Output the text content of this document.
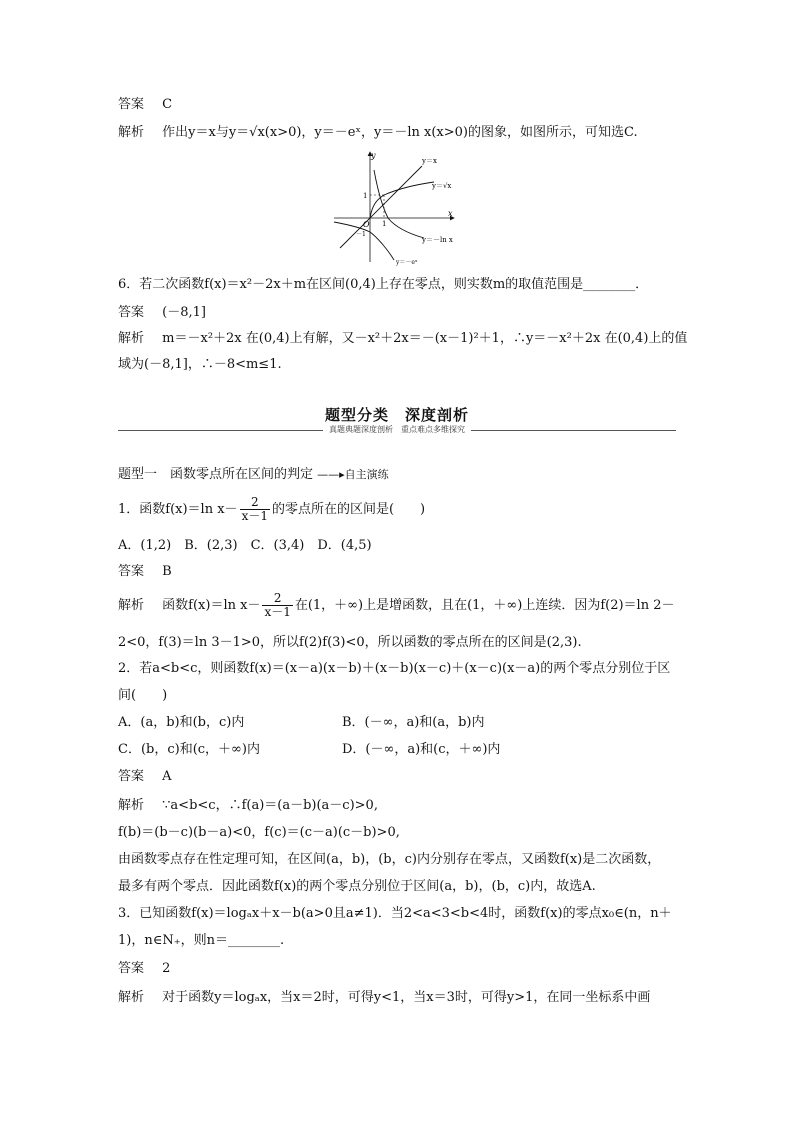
答案 C
解析 作出y＝x与y＝√x(x>0)，y＝－eˣ，y＝－ln x(x>0)的图象，如图所示，可知选C.
y
x
O
1
1
－1
y＝x
y＝√x
y＝－ln x
y＝－eˣ
6．若二次函数f(x)＝x²－2x＋m在区间(0,4)上存在零点，则实数m的取值范围是________．
答案 (－8,1]
解析 m＝－x²＋2x 在(0,4)上有解，又－x²＋2x＝－(x－1)²＋1，∴y＝－x²＋2x 在(0,4)上的值
域为(－8,1]，∴－8<m≤1.
题型分类　深度剖析
真题典题深度剖析　重点难点多维探究
题型一　函数零点所在区间的判定 ——▸自主演练
1．函数f(x)＝ln $x- \frac{2}{x-1}$ 的零点所在的区间是(　　)
A．(1,2)　B．(2,3)　C．(3,4)　D．(4,5)
答案 B
解析 函数f(x)＝ln $x- \frac{2}{x-1}$ 在(1，＋∞)上是增函数，且在(1，＋∞)上连续．因为f(2)＝ln 2－
2<0，f(3)＝ln 3－1>0，所以f(2)f(3)<0，所以函数的零点所在的区间是(2,3).
2．若a<b<c，则函数f(x)＝(x－a)(x－b)＋(x－b)(x－c)＋(x－c)(x－a)的两个零点分别位于区
间(　　)
A．(a，b)和(b，c)内	B．(－∞，a)和(a，b)内
C．(b，c)和(c，＋∞)内	D．(－∞，a)和(c，＋∞)内
答案 A
解析 ∵a<b<c，∴f(a)＝(a－b)(a－c)>0,
f(b)＝(b－c)(b－a)<0，f(c)＝(c－a)(c－b)>0,
由函数零点存在性定理可知，在区间(a，b)，(b，c)内分别存在零点，又函数f(x)是二次函数，
最多有两个零点．因此函数f(x)的两个零点分别位于区间(a，b)，(b，c)内，故选A.
3．已知函数f(x)＝logₐx＋x－b(a>0且a≠1)．当2<a<3<b<4时，函数f(x)的零点x₀∈(n，n＋
1)，n∈N₊，则n＝________.
答案 2
解析 对于函数y＝logₐx，当x＝2时，可得y<1，当x＝3时，可得y>1，在同一坐标系中画
